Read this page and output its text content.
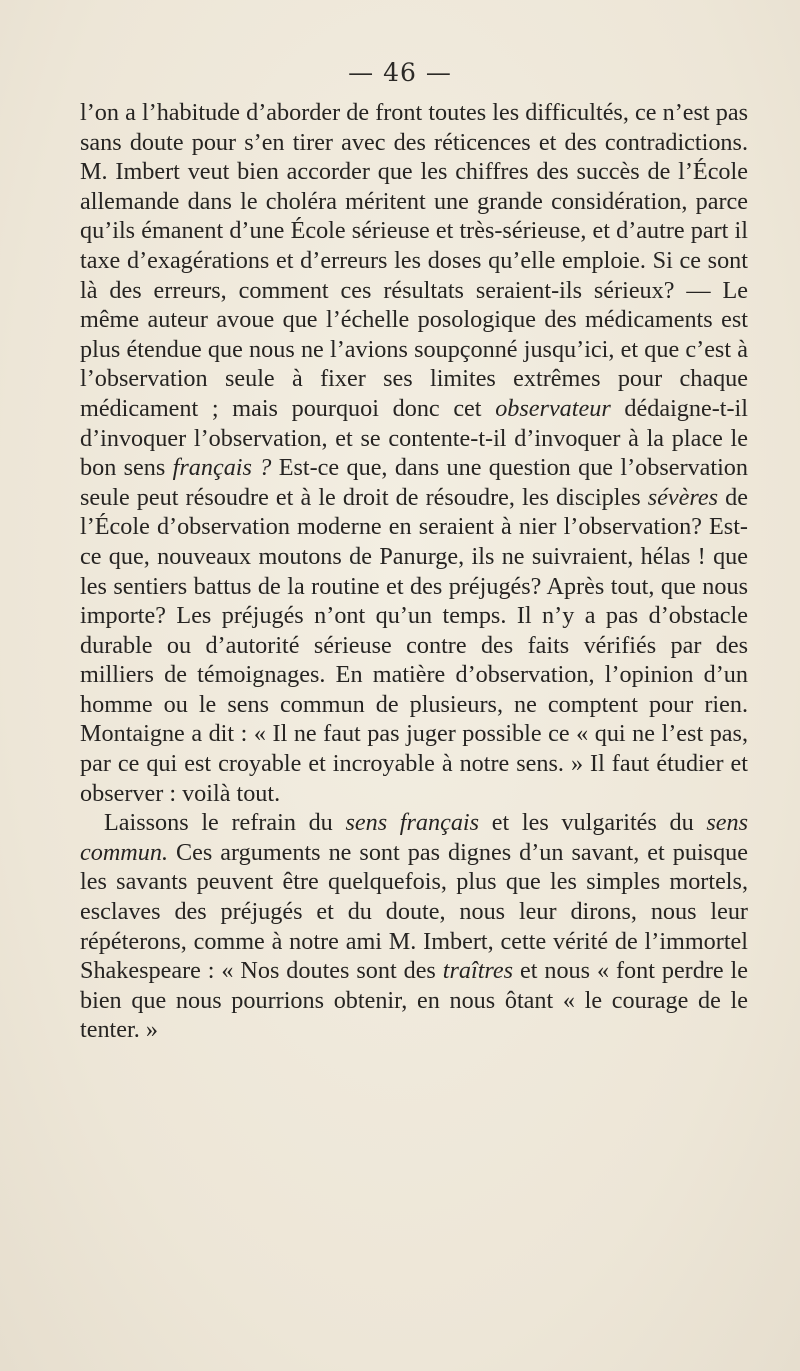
— 46 —

l’on a l’habitude d’aborder de front toutes les difficultés, ce n’est pas sans doute pour s’en tirer avec des réticences et des contradictions. M. Imbert veut bien accorder que les chiffres des succès de l’École allemande dans le choléra méritent une grande considération, parce qu’ils émanent d’une École sérieuse et très-sérieuse, et d’autre part il taxe d’exagérations et d’erreurs les doses qu’elle emploie. Si ce sont là des erreurs, comment ces résultats seraient-ils sérieux? — Le même auteur avoue que l’échelle posologique des médicaments est plus étendue que nous ne l’avions soupçonné jusqu’ici, et que c’est à l’observation seule à fixer ses limites extrêmes pour chaque médicament ; mais pourquoi donc cet observateur dédaigne-t-il d’invoquer l’observation, et se contente-t-il d’invoquer à la place le bon sens français ? Est-ce que, dans une question que l’observation seule peut résoudre et à le droit de résoudre, les disciples sévères de l’École d’observation moderne en seraient à nier l’observation? Est-ce que, nouveaux moutons de Panurge, ils ne suivraient, hélas ! que les sentiers battus de la routine et des préjugés? Après tout, que nous importe? Les préjugés n’ont qu’un temps. Il n’y a pas d’obstacle durable ou d’autorité sérieuse contre des faits vérifiés par des milliers de témoignages. En matière d’observation, l’opinion d’un homme ou le sens commun de plusieurs, ne comptent pour rien. Montaigne a dit : « Il ne faut pas juger possible ce « qui ne l’est pas, par ce qui est croyable et incroyable à notre sens. » Il faut étudier et observer : voilà tout.

Laissons le refrain du sens français et les vulgarités du sens commun. Ces arguments ne sont pas dignes d’un savant, et puisque les savants peuvent être quelquefois, plus que les simples mortels, esclaves des préjugés et du doute, nous leur dirons, nous leur répéterons, comme à notre ami M. Imbert, cette vérité de l’immortel Shakespeare : « Nos doutes sont des traîtres et nous « font perdre le bien que nous pourrions obtenir, en nous ôtant « le courage de le tenter. »
